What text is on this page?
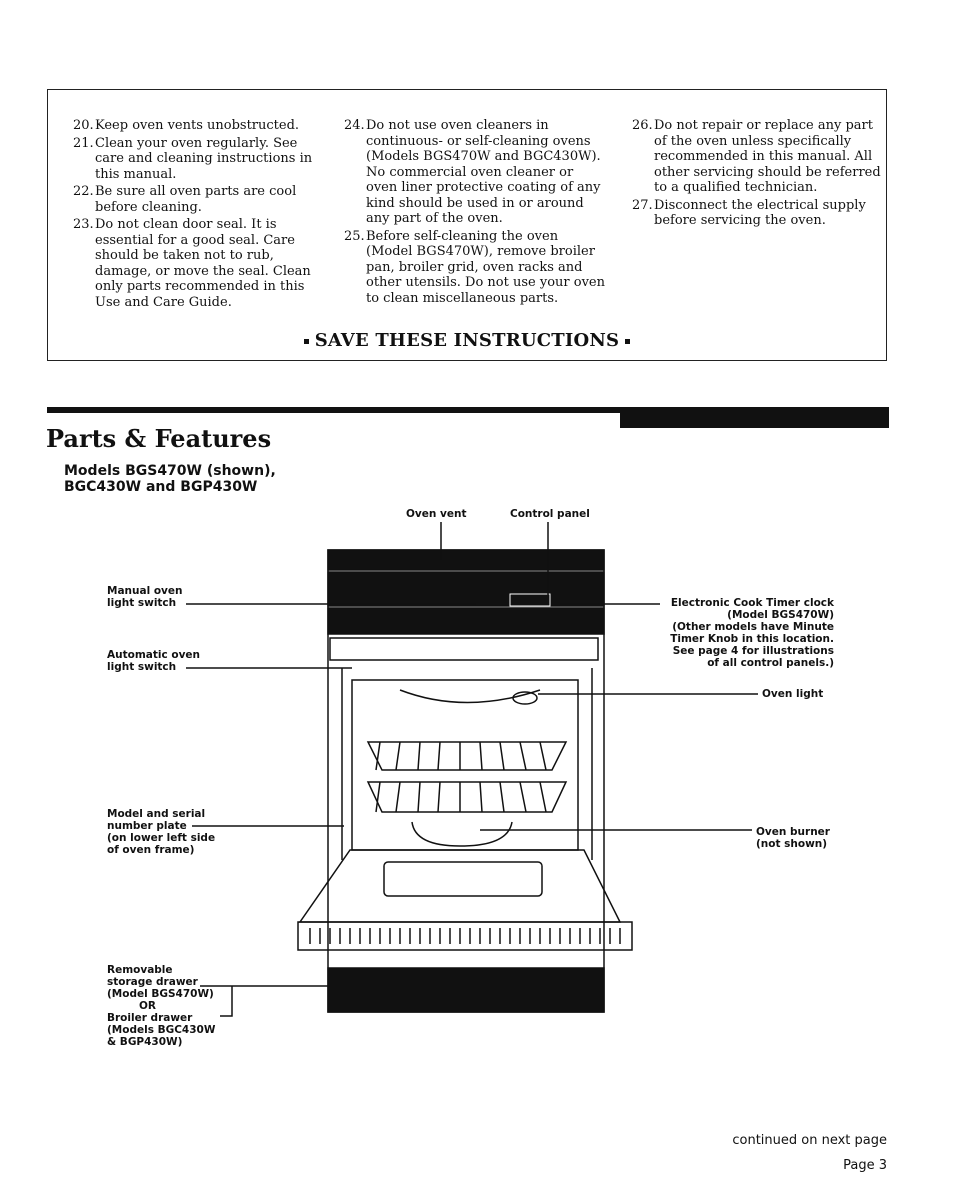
20. Keep oven vents unobstructed.
21. Clean your oven regularly. See care and cleaning instructions in this manual.
22. Be sure all oven parts are cool before cleaning.
23. Do not clean door seal. It is essential for a good seal. Care should be taken not to rub, damage, or move the seal. Clean only parts recommended in this Use and Care Guide.
24. Do not use oven cleaners in continuous- or self-cleaning ovens (Models BGS470W and BGC430W). No commercial oven cleaner or oven liner protective coating of any kind should be used in or around any part of the oven.
25. Before self-cleaning the oven (Model BGS470W), remove broiler pan, broiler grid, oven racks and other utensils. Do not use your oven to clean miscellaneous parts.
26. Do not repair or replace any part of the oven unless specifically recommended in this manual. All other servicing should be referred to a qualified technician.
27. Disconnect the electrical supply before servicing the oven.
SAVE THESE INSTRUCTIONS
Parts & Features
Models BGS470W (shown),
BGC430W and BGP430W
Oven vent	Control panel
Manual oven
light switch
Automatic oven
light switch
Model and serial
number plate
(on lower left side
of oven frame)
Removable
storage drawer
(Model BGS470W)
OR
Broiler drawer
(Models BGC430W
& BGP430W)
Electronic Cook Timer clock
(Model BGS470W)
(Other models have Minute
Timer Knob in this location.
See page 4 for illustrations
of all control panels.)
Oven light
Oven burner
(not shown)
continued on next page
Page 3
